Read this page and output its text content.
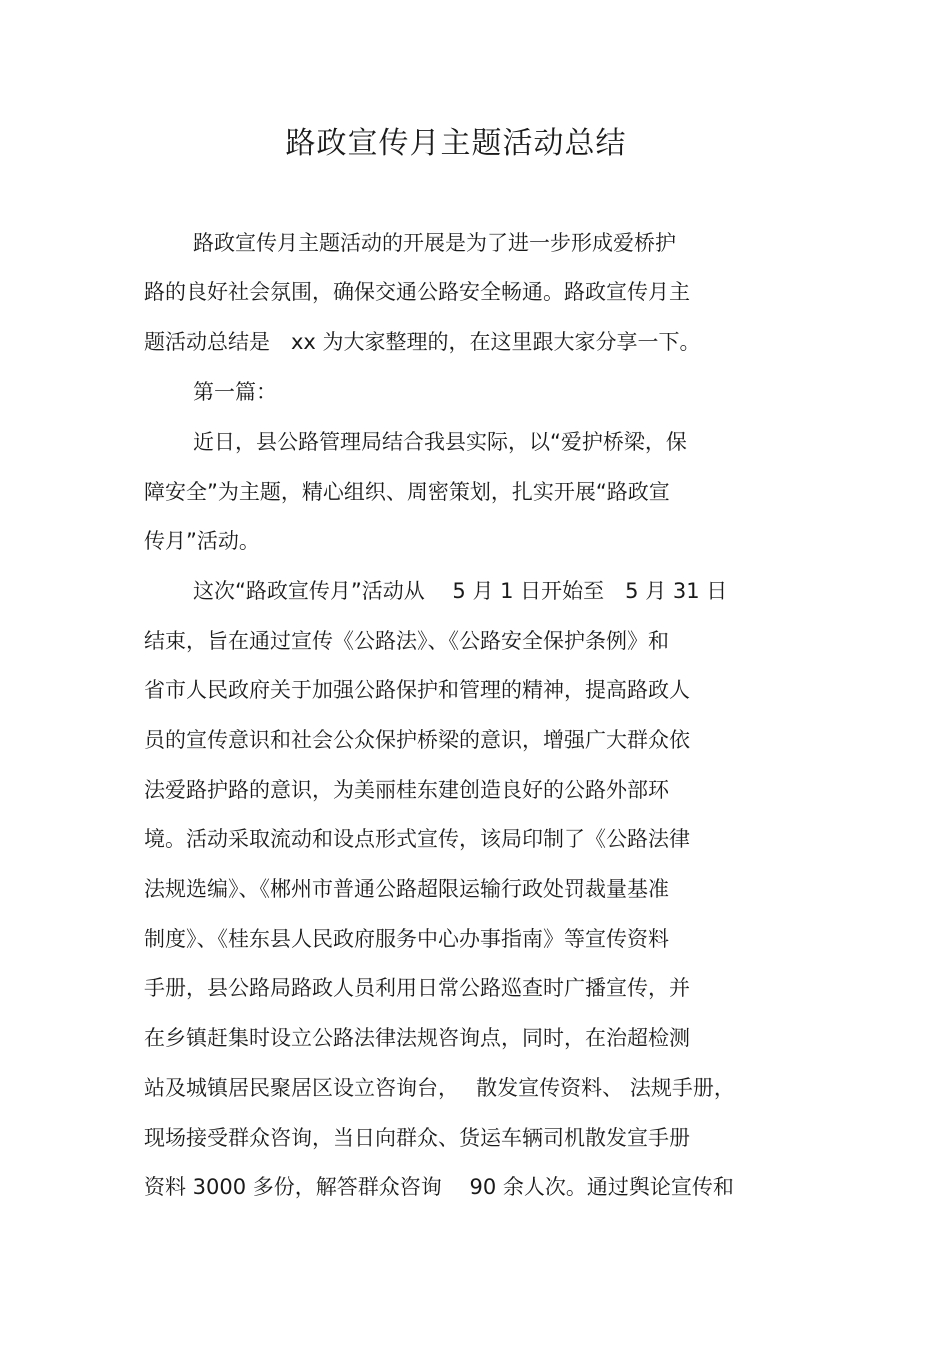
路政宣传月主题活动总结
路政宣传月主题活动的开展是为了进一步形成爱桥护
路的良好社会氛围，确保交通公路安全畅通。路政宣传月主
题活动总结是　xx 为大家整理的，在这里跟大家分享一下。
第一篇：
近日，县公路管理局结合我县实际，以“爱护桥梁，保
障安全”为主题，精心组织、周密策划，扎实开展“路政宣
传月”活动。
这次“路政宣传月”活动从　 5 月 1 日开始至　5 月 31 日
结束，旨在通过宣传《公路法》、《公路安全保护条例》和
省市人民政府关于加强公路保护和管理的精神，提高路政人
员的宣传意识和社会公众保护桥梁的意识，增强广大群众依
法爱路护路的意识，为美丽桂东建创造良好的公路外部环
境。活动采取流动和设点形式宣传，该局印制了《公路法律
法规选编》、《郴州市普通公路超限运输行政处罚裁量基准
制度》、《桂东县人民政府服务中心办事指南》等宣传资料
手册，县公路局路政人员利用日常公路巡查时广播宣传，并
在乡镇赶集时设立公路法律法规咨询点，同时，在治超检测
站及城镇居民聚居区设立咨询台，　 散发宣传资料、 法规手册，
现场接受群众咨询，当日向群众、货运车辆司机散发宣手册
资料 3000 多份，解答群众咨询　 90 余人次。通过舆论宣传和
